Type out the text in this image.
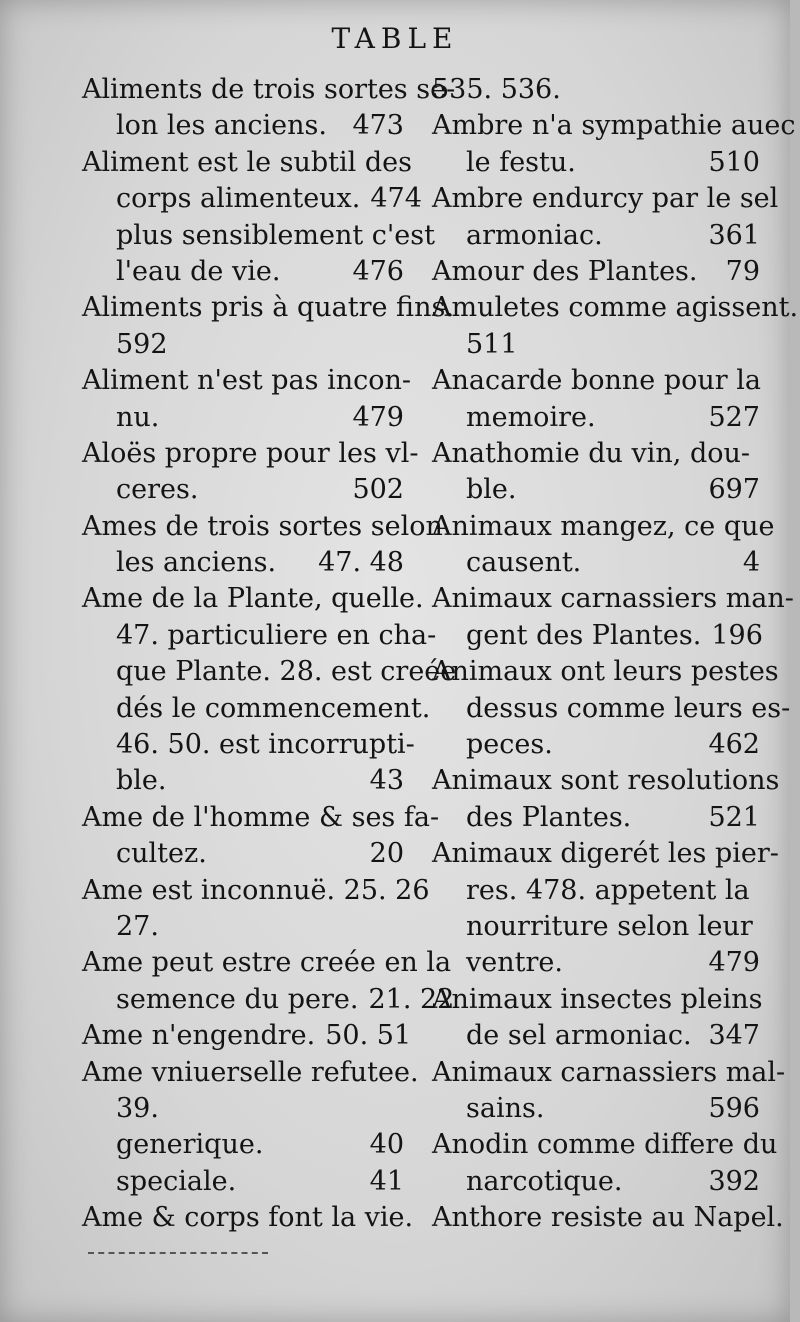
TABLE
Aliments de trois sortes se-
lon les anciens. 473
Aliment est le subtil des
corps alimenteux. 474
plus sensiblement c'est
l'eau de vie.	476
Aliments pris à quatre fins.
592
Aliment n'est pas incon-
nu.	479
Aloës propre pour les vl-
ceres.	502
Ames de trois sortes selon
les anciens.	47. 48
Ame de la Plante, quelle.
47. particuliere en cha-
que Plante. 28. est creée
dés le commencement.
46. 50. est incorrupti-
ble.	43
Ame de l'homme & ses fa-
cultez.	20
Ame est inconnuë. 25. 26
27.
Ame peut estre creée en la
semence du pere. 21. 22
Ame n'engendre. 50. 51
Ame vniuerselle refutee.
39.
generique.	40
speciale.	41
Ame & corps font la vie.
535. 536.
Ambre n'a sympathie auec
le festu.	510
Ambre endurcy par le sel
armoniac.	361
Amour des Plantes.	79
Amuletes comme agissent.
511
Anacarde bonne pour la
memoire.	527
Anathomie du vin, dou-
ble.	697
Animaux mangez, ce que
causent.	4
Animaux carnassiers man-
gent des Plantes. 196
Animaux ont leurs pestes
dessus comme leurs es-
peces.	462
Animaux sont resolutions
des Plantes.	521
Animaux digerét les pier-
res. 478. appetent la
nourriture selon leur
ventre.	479
Animaux insectes pleins
de sel armoniac. 347
Animaux carnassiers mal-
sains.	596
Anodin comme differe du
narcotique.	392
Anthore resiste au Napel.
